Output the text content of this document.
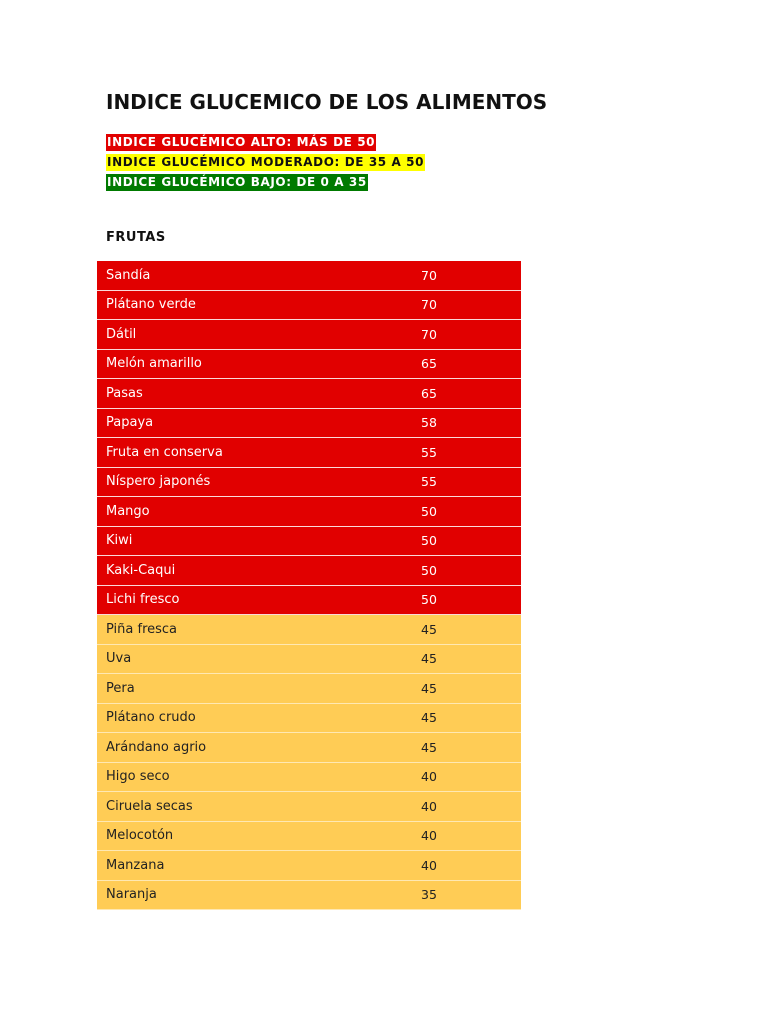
INDICE GLUCEMICO DE LOS ALIMENTOS
INDICE GLUCÉMICO ALTO: MÁS DE 50
INDICE GLUCÉMICO MODERADO: DE 35 A 50
INDICE GLUCÉMICO BAJO: DE 0 A 35
FRUTAS
Sandía	70
Plátano verde	70
Dátil	70
Melón amarillo	65
Pasas	65
Papaya	58
Fruta en conserva	55
Níspero japonés	55
Mango	50
Kiwi	50
Kaki-Caqui	50
Lichi fresco	50
Piña fresca	45
Uva	45
Pera	45
Plátano crudo	45
Arándano agrio	45
Higo seco	40
Ciruela secas	40
Melocotón	40
Manzana	40
Naranja	35
